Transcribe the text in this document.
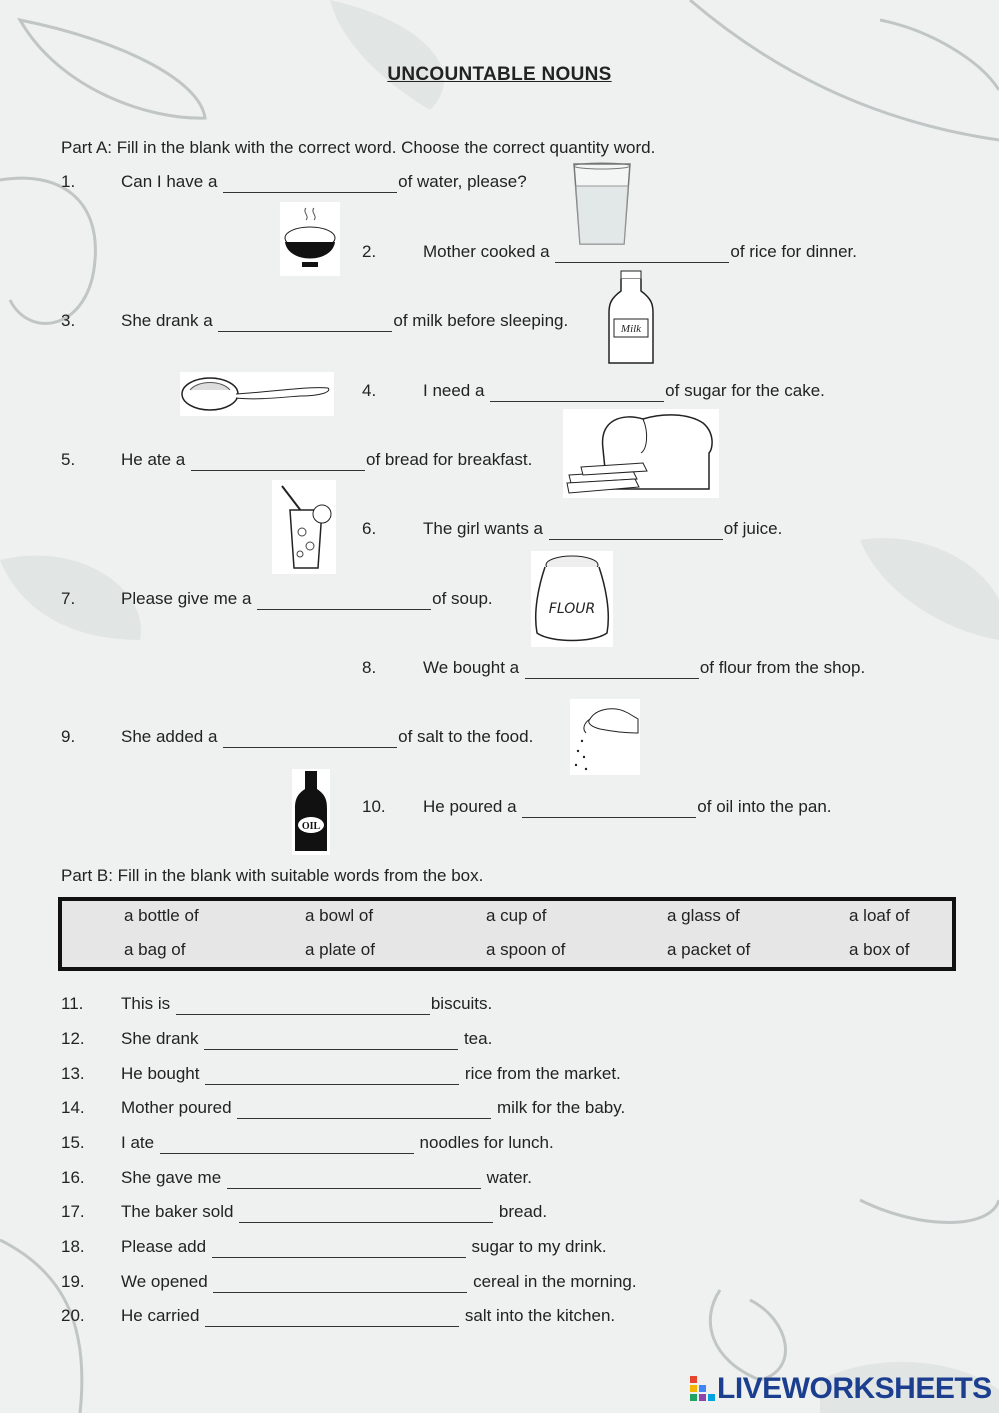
UNCOUNTABLE NOUNS
Part A: Fill in the blank with the correct word. Choose the correct quantity word.
1.	Can I have a	of water, please?
2.	Mother cooked a	of rice for dinner.
3.	She drank a	of milk before sleeping.
4.	I need a	of sugar for the cake.
5.	He ate a	of bread for breakfast.
6.	The girl wants a	of juice.
7.	Please give me a	of soup.
8.	We bought a	of flour from the shop.
9.	She added a	of salt to the food.
10. He poured a	of oil into the pan.
Milk
FLOUR
OIL
Part B: Fill in the blank with suitable words from the box.
a bottle of	a bowl of	a cup of	a glass of	a loaf of
a bag of	a plate of	a spoon of	a packet of	a box of
11. This is	biscuits.
12. She drank	tea.
13. He bought	rice from the market.
14. Mother poured	milk for the baby.
15. I ate	noodles for lunch.
16. She gave me	water.
17. The baker sold	bread.
18. Please add	sugar to my drink.
19. We opened	cereal in the morning.
20. He carried	salt into the kitchen.
LIVEWORKSHEETS
